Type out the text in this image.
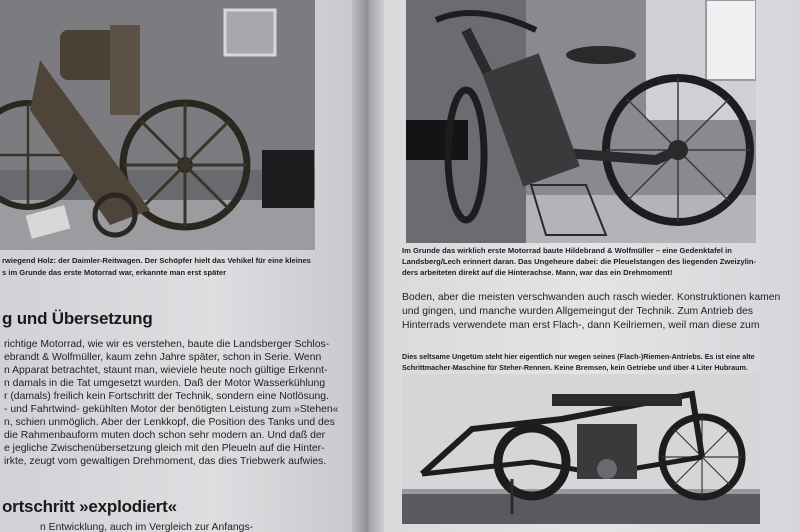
rwiegend Holz: der Daimler-Reitwagen. Der Schöpfer hielt das Vehikel für eine kleines
s im Grunde das erste Motorrad war, erkannte man erst später
g und Übersetzung
richtige Motorrad, wie wir es verstehen, baute die Landsberger Schlos-
ebrandt & Wolfmüller, kaum zehn Jahre später, schon in Serie. Wenn
n Apparat betrachtet, staunt man, wieviele heute noch gültige Erkennt-
n damals in die Tat umgesetzt wurden. Daß der Motor Wasserkühlung
r (damals) freilich kein Fortschritt der Technik, sondern eine Notlösung.
- und Fahrtwind- gekühlten Motor der benötigten Leistung zum »Stehen«
n, schien unmöglich. Aber der Lenkkopf, die Position des Tanks und des
die Rahmenbauform muten doch schon sehr modern an. Und daß der
e jegliche Zwischenübersetzung gleich mit den Pleueln auf die Hinter-
irkte, zeugt vom gewaltigen Drehmoment, das dies Triebwerk aufwies.
ortschritt »explodiert«
n Entwicklung, auch im Vergleich zur Anfangs-
Im Grunde das wirklich erste Motorrad baute Hildebrand & Wolfmüller – eine Gedenktafel in
Landsberg/Lech erinnert daran. Das Ungeheure dabei: die Pleuelstangen des liegenden Zweizylin-
ders arbeiteten direkt auf die Hinterachse. Mann, war das ein Drehmoment!
Boden, aber die meisten verschwanden auch rasch wieder. Konstruktionen kamen
und gingen, und manche wurden Allgemeingut der Technik. Zum Antrieb des
Hinterrads verwendete man erst Flach-, dann Keilriemen, weil man diese zum
Dies seltsame Ungetüm steht hier eigentlich nur wegen seines (Flach-)Riemen-Antriebs. Es ist eine alte
Schrittmacher-Maschine für Steher-Rennen. Keine Bremsen, kein Getriebe und über 4 Liter Hubraum.
